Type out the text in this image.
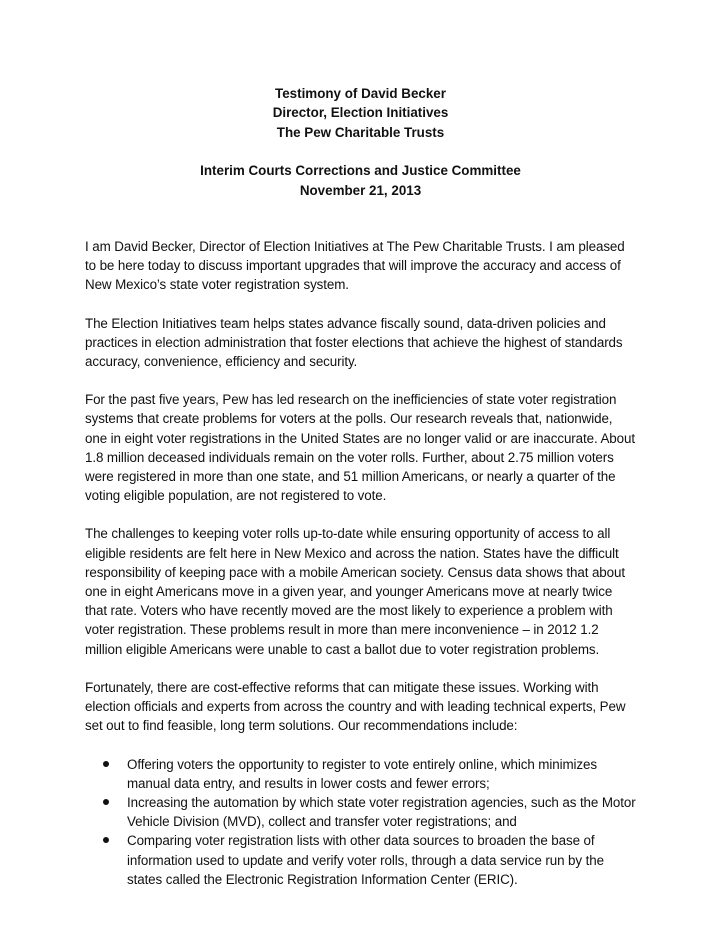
Testimony of David Becker
Director, Election Initiatives
The Pew Charitable Trusts
Interim Courts Corrections and Justice Committee
November 21, 2013

I am David Becker, Director of Election Initiatives at The Pew Charitable Trusts. I am pleased to be here today to discuss important upgrades that will improve the accuracy and access of New Mexico’s state voter registration system.

The Election Initiatives team helps states advance fiscally sound, data-driven policies and practices in election administration that foster elections that achieve the highest of standards accuracy, convenience, efficiency and security.

For the past five years, Pew has led research on the inefficiencies of state voter registration systems that create problems for voters at the polls. Our research reveals that, nationwide, one in eight voter registrations in the United States are no longer valid or are inaccurate. About 1.8 million deceased individuals remain on the voter rolls. Further, about 2.75 million voters were registered in more than one state, and 51 million Americans, or nearly a quarter of the voting eligible population, are not registered to vote.

The challenges to keeping voter rolls up-to-date while ensuring opportunity of access to all eligible residents are felt here in New Mexico and across the nation. States have the difficult responsibility of keeping pace with a mobile American society. Census data shows that about one in eight Americans move in a given year, and younger Americans move at nearly twice that rate. Voters who have recently moved are the most likely to experience a problem with voter registration. These problems result in more than mere inconvenience – in 2012 1.2 million eligible Americans were unable to cast a ballot due to voter registration problems.

Fortunately, there are cost-effective reforms that can mitigate these issues. Working with election officials and experts from across the country and with leading technical experts, Pew set out to find feasible, long term solutions. Our recommendations include:

Offering voters the opportunity to register to vote entirely online, which minimizes manual data entry, and results in lower costs and fewer errors;
Increasing the automation by which state voter registration agencies, such as the Motor Vehicle Division (MVD), collect and transfer voter registrations; and
Comparing voter registration lists with other data sources to broaden the base of information used to update and verify voter rolls, through a data service run by the states called the Electronic Registration Information Center (ERIC).
